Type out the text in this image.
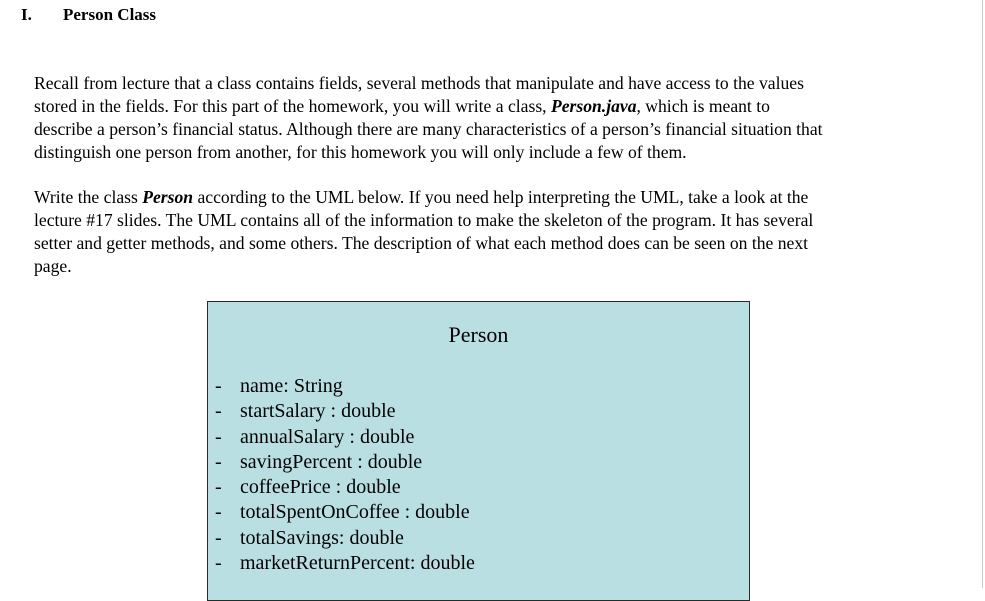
I. Person Class
Recall from lecture that a class contains fields, several methods that manipulate and have access to the values
stored in the fields. For this part of the homework, you will write a class, Person.java, which is meant to
describe a person’s financial status. Although there are many characteristics of a person’s financial situation that
distinguish one person from another, for this homework you will only include a few of them.
Write the class Person according to the UML below. If you need help interpreting the UML, take a look at the
lecture #17 slides. The UML contains all of the information to make the skeleton of the program. It has several
setter and getter methods, and some others. The description of what each method does can be seen on the next
page.
Person
- name: String
- startSalary : double
- annualSalary : double
- savingPercent : double
- coffeePrice : double
- totalSpentOnCoffee : double
- totalSavings: double
- marketReturnPercent: double
